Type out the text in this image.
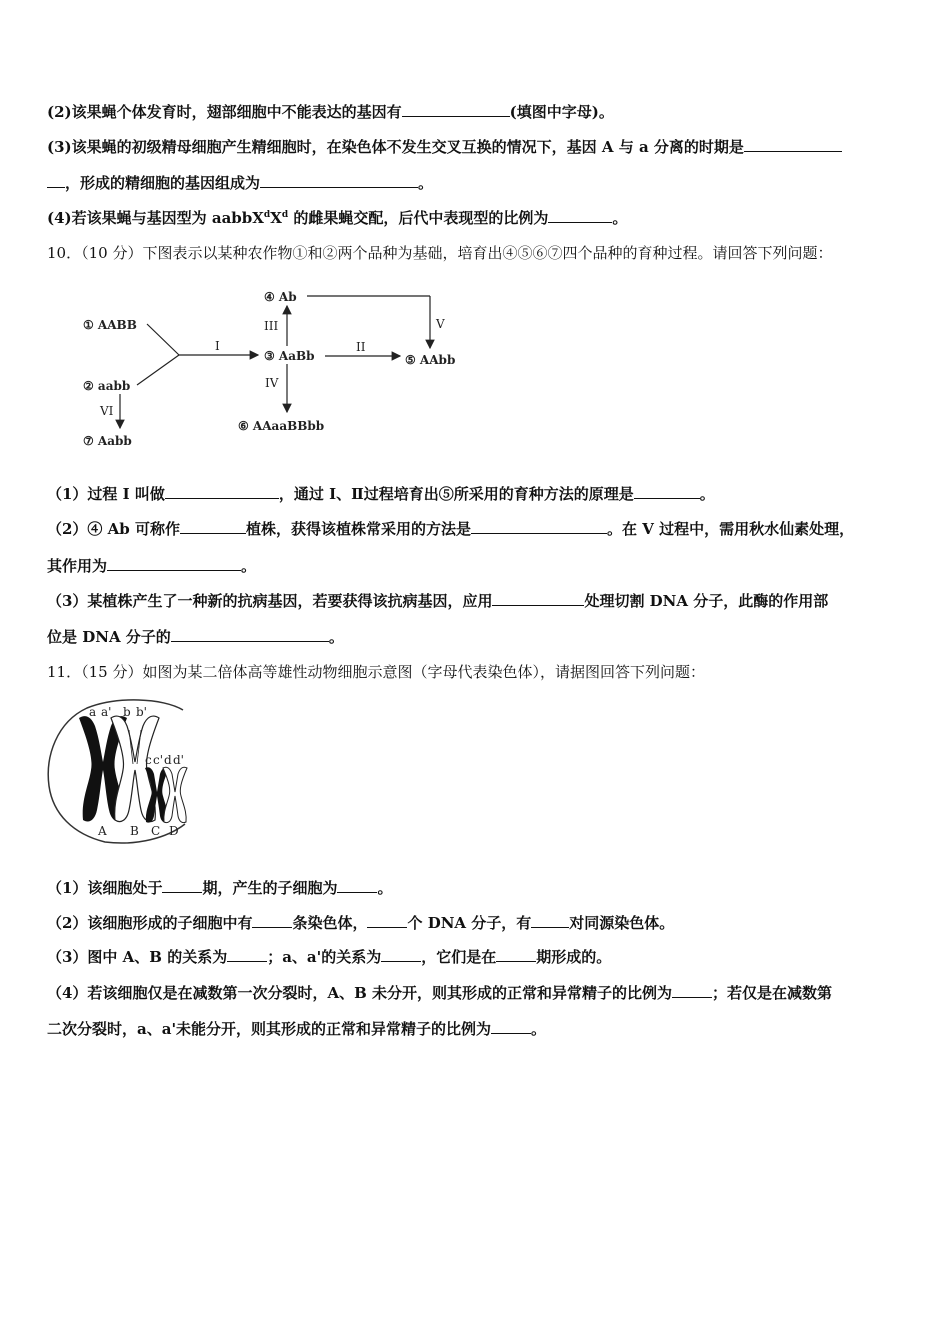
(2)该果蝇个体发育时，翅部细胞中不能表达的基因有	(填图中字母)。
(3)该果蝇的初级精母细胞产生精细胞时，在染色体不发生交叉互换的情况下，基因 A 与 a 分离的时期是
，形成的精细胞的基因组成为	。
(4)若该果蝇与基因型为 $aabbX^dX^d$ 的雌果蝇交配，后代中表现型的比例为	。
10．（10 分）下图表示以某种农作物①和②两个品种为基础，培育出④⑤⑥⑦四个品种的育种过程。请回答下列问题：
① AABB
② aabb
③ AaBb
④ Ab
⑤ AAbb
⑥ AAaaBBbb
⑦ Aabb
I	II
III
IV
V
VI
（1）过程 I 叫做	，通过 I、Ⅱ过程培育出⑤所采用的育种方法的原理是	。
（2）④ Ab 可称作	植株，获得该植株常采用的方法是	。在 V 过程中，需用秋水仙素处理，
其作用为	。
（3）某植株产生了一种新的抗病基因，若要获得该抗病基因，应用	处理切割 DNA 分子，此酶的作用部
位是 DNA 分子的	。
11．（15 分）如图为某二倍体高等雄性动物细胞示意图（字母代表染色体），请据图回答下列问题：
a a' b b'
c c' d d'
A B C D
（1）该细胞处于	期，产生的子细胞为	。
（2）该细胞形成的子细胞中有	条染色体，	个 DNA 分子，有	对同源染色体。
（3）图中 A、B 的关系为	；a、a'的关系为	，它们是在	期形成的。
（4）若该细胞仅是在减数第一次分裂时，A、B 未分开，则其形成的正常和异常精子的比例为	；若仅是在减数第
二次分裂时，a、a'未能分开，则其形成的正常和异常精子的比例为	。
